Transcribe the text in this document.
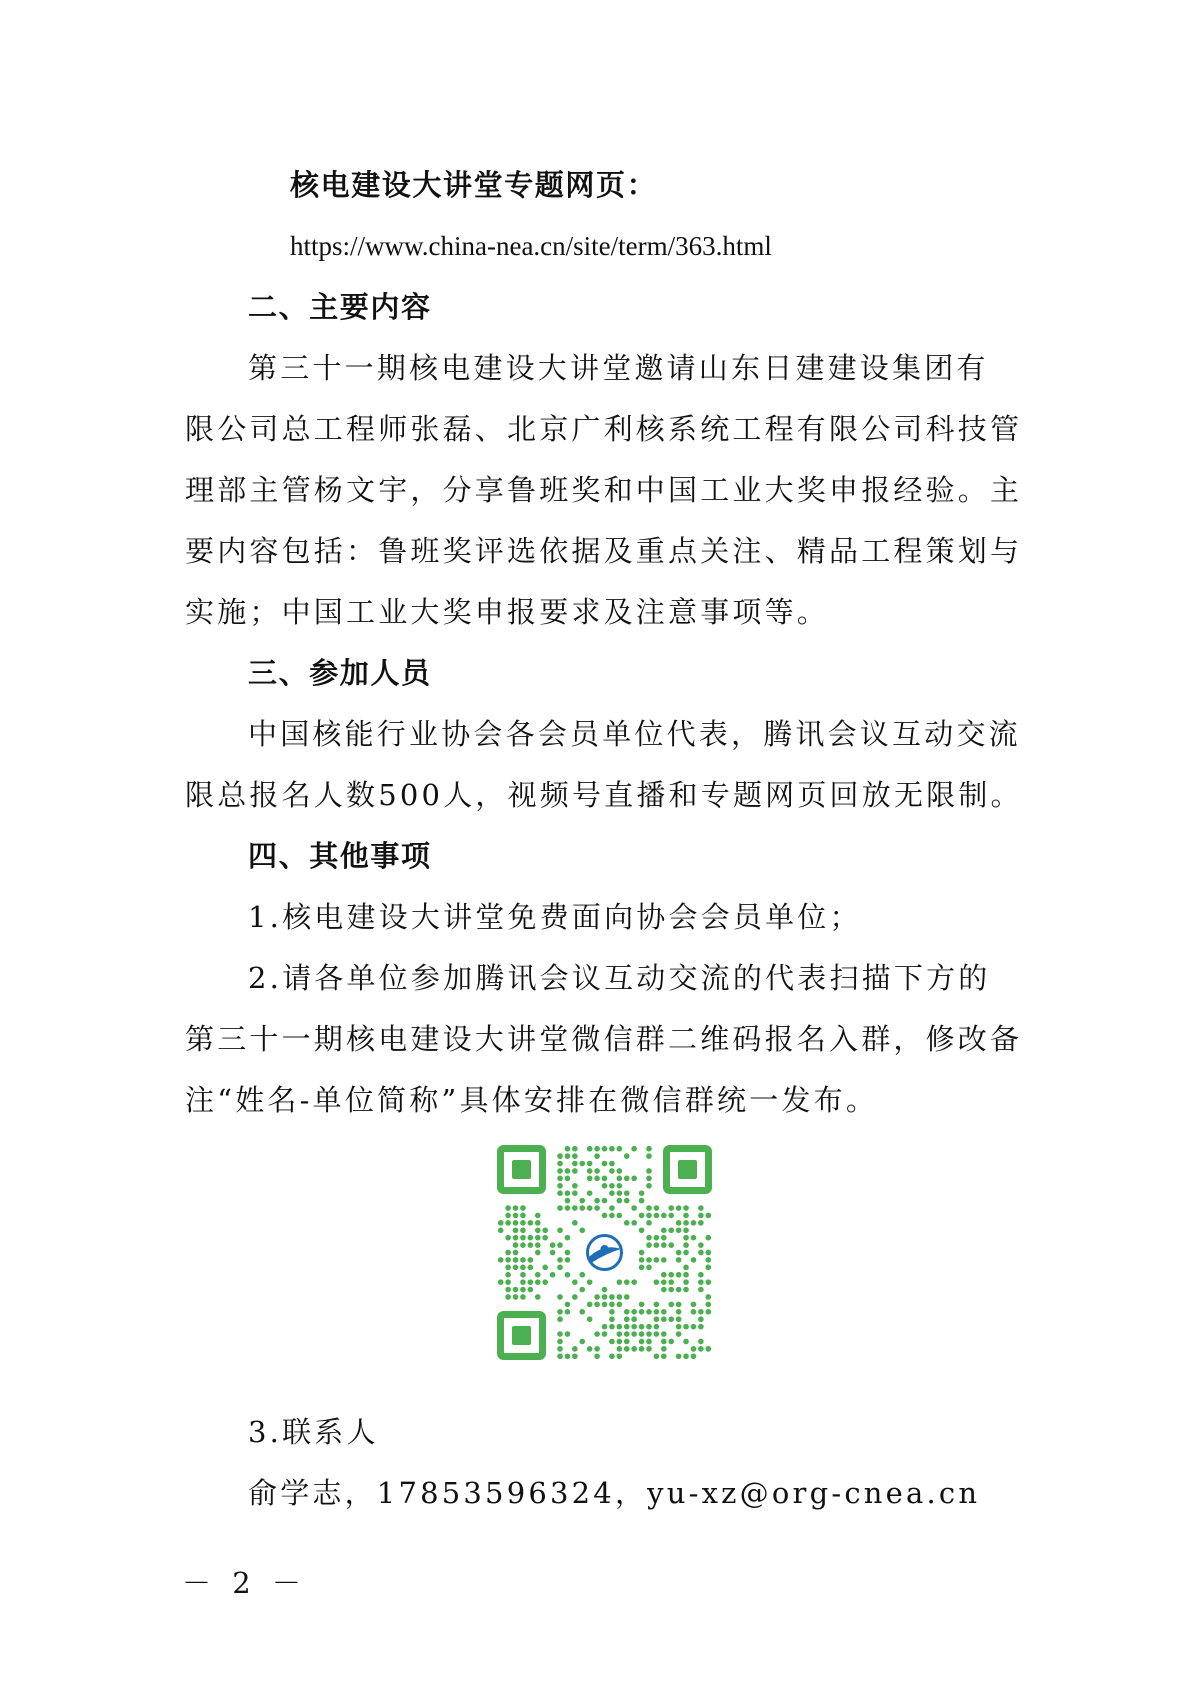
核电建设大讲堂专题网页：
https://www.china-nea.cn/site/term/363.html
二、主要内容
第三十一期核电建设大讲堂邀请山东日建建设集团有
限公司总工程师张磊、北京广利核系统工程有限公司科技管
理部主管杨文宇，分享鲁班奖和中国工业大奖申报经验。主
要内容包括：鲁班奖评选依据及重点关注、精品工程策划与
实施；中国工业大奖申报要求及注意事项等。
三、参加人员
中国核能行业协会各会员单位代表，腾讯会议互动交流
限总报名人数500人，视频号直播和专题网页回放无限制。
四、其他事项
1.核电建设大讲堂免费面向协会会员单位；
2.请各单位参加腾讯会议互动交流的代表扫描下方的
第三十一期核电建设大讲堂微信群二维码报名入群，修改备
注“姓名-单位简称”具体安排在微信群统一发布。
3.联系人
俞学志，17853596324，yu-xz@org-cnea.cn
－ 2 －
